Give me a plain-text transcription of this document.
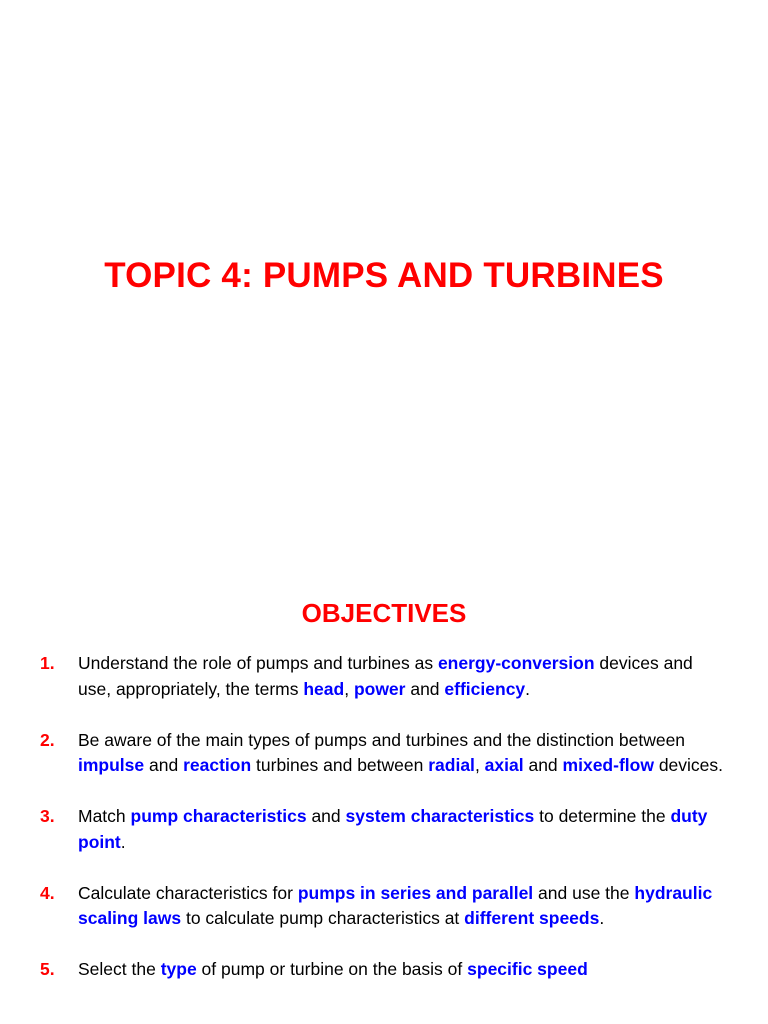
TOPIC 4: PUMPS AND TURBINES
OBJECTIVES
1. Understand the role of pumps and turbines as energy-conversion devices and use, appropriately, the terms head, power and efficiency.
2. Be aware of the main types of pumps and turbines and the distinction between impulse and reaction turbines and between radial, axial and mixed-flow devices.
3. Match pump characteristics and system characteristics to determine the duty point.
4. Calculate characteristics for pumps in series and parallel and use the hydraulic scaling laws to calculate pump characteristics at different speeds.
5. Select the type of pump or turbine on the basis of specific speed
